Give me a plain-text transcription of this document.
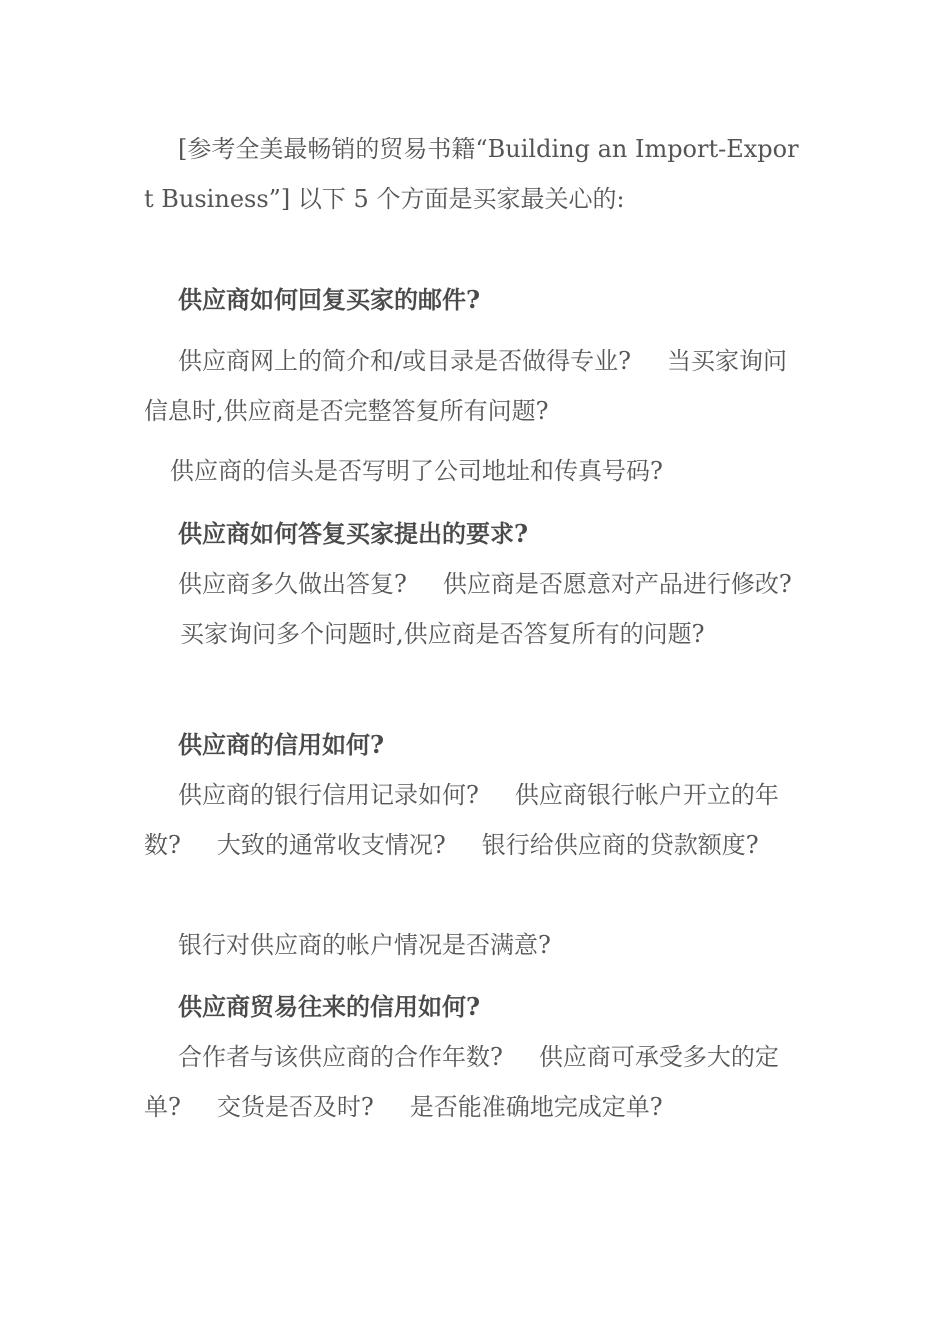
[参考全美最畅销的贸易书籍“Building an Import-Export Business”] 以下 5 个方面是买家最关心的:

供应商如何回复买家的邮件?

供应商网上的简介和/或目录是否做得专业? 当买家询问信息时,供应商是否完整答复所有问题?

供应商的信头是否写明了公司地址和传真号码?

供应商如何答复买家提出的要求?

供应商多久做出答复? 供应商是否愿意对产品进行修改?买家询问多个问题时,供应商是否答复所有的问题?

供应商的信用如何?

供应商的银行信用记录如何? 供应商银行帐户开立的年数? 大致的通常收支情况? 银行给供应商的贷款额度?

银行对供应商的帐户情况是否满意?

供应商贸易往来的信用如何?

合作者与该供应商的合作年数? 供应商可承受多大的定单? 交货是否及时? 是否能准确地完成定单?
